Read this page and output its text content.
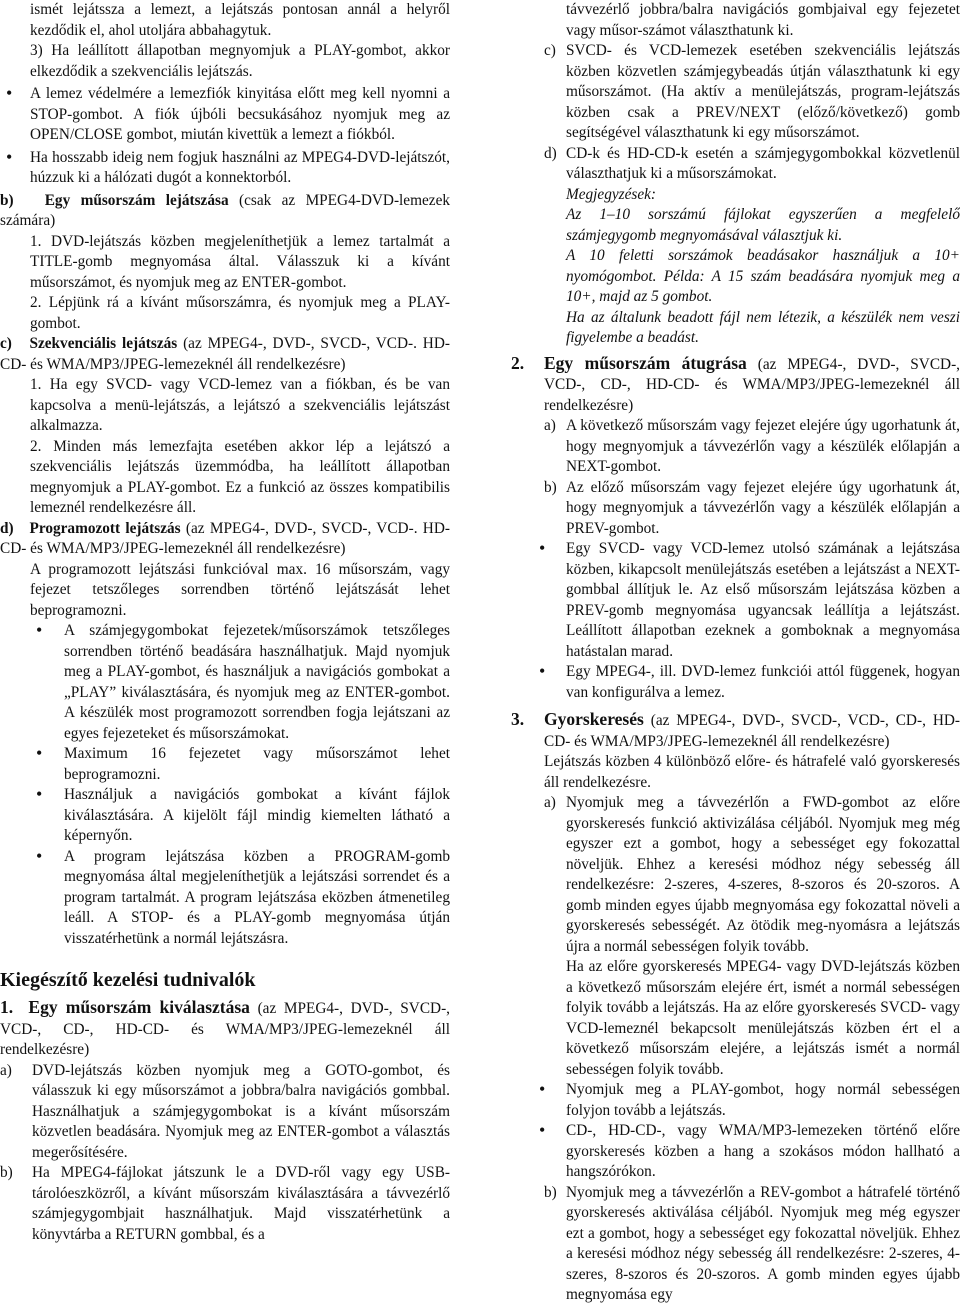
ismét lejátssza a lemezt, a lejátszás pontosan annál a helyről kezdődik el, ahol utoljára abbahagytuk.

3) Ha leállított állapotban megnyomjuk a PLAY-gombot, akkor elkezdődik a szekvenciális lejátszás.

• A lemez védelmére a lemezfiók kinyitása előtt meg kell nyomni a STOP-gombot. A fiók újbóli becsukásához nyomjuk meg az OPEN/CLOSE gombot, miután kivettük a lemezt a fiókból.

• Ha hosszabb ideig nem fogjuk használni az MPEG4-DVD-lejátszót, húzzuk ki a hálózati dugót a konnektorból.

b) Egy műsorszám lejátszása (csak az MPEG4-DVD-lemezek számára)

1. DVD-lejátszás közben megjeleníthetjük a lemez tartalmát a TITLE-gomb megnyomása által. Válasszuk ki a kívánt műsorszámot, és nyomjuk meg az ENTER-gombot.

2. Lépjünk rá a kívánt műsorszámra, és nyomjuk meg a PLAY-gombot.

c) Szekvenciális lejátszás (az MPEG4-, DVD-, SVCD-, VCD-. HD-CD- és WMA/MP3/JPEG-lemezeknél áll rendelkezésre)

1. Ha egy SVCD- vagy VCD-lemez van a fiókban, és be van kapcsolva a menü-lejátszás, a lejátszó a szekvenciális lejátszást alkalmazza.

2. Minden más lemezfajta esetében akkor lép a lejátszó a szekvenciális lejátszás üzemmódba, ha leállított állapotban megnyomjuk a PLAY-gombot. Ez a funkció az összes kompatibilis lemeznél rendelkezésre áll.

d) Programozott lejátszás (az MPEG4-, DVD-, SVCD-, VCD-. HD-CD- és WMA/MP3/JPEG-lemezeknél áll rendelkezésre)

A programozott lejátszási funkcióval max. 16 műsorszám, vagy fejezet tetszőleges sorrendben történő lejátszását lehet beprogramozni.

• A számjegygombokat fejezetek/műsorszámok tetszőleges sorrendben történő beadására használhatjuk. Majd nyomjuk meg a PLAY-gombot, és használjuk a navigációs gombokat a „PLAY” kiválasztására, és nyomjuk meg az ENTER-gombot. A készülék most programozott sorrendben fogja lejátszani az egyes fejezeteket és műsorszámokat.

• Maximum 16 fejezetet vagy műsorszámot lehet beprogramozni.

• Használjuk a navigációs gombokat a kívánt fájlok kiválasztására. A kijelölt fájl mindig kiemelten látható a képernyőn.

• A program lejátszása közben a PROGRAM-gomb megnyomása által megjeleníthetjük a lejátszási sorrendet és a program tartalmát. A program lejátszása eközben átmenetileg leáll. A STOP- és a PLAY-gomb megnyomása útján visszatérhetünk a normál lejátszásra.

Kiegészítő kezelési tudnivalók

1. Egy műsorszám kiválasztása (az MPEG4-, DVD-, SVCD-, VCD-, CD-, HD-CD- és WMA/MP3/JPEG-lemezeknél áll rendelkezésre)

a) DVD-lejátszás közben nyomjuk meg a GOTO-gombot, és válasszuk ki egy műsorszámot a jobbra/balra navigációs gombbal. Használhatjuk a számjegygombokat is a kívánt műsorszám közvetlen beadására. Nyomjuk meg az ENTER-gombot a választás megerősítésére.

b) Ha MPEG4-fájlokat játszunk le a DVD-ről vagy egy USB-tárolóeszközről, a kívánt műsorszám kiválasztására a távvezérlő számjegygombjait használhatjuk. Majd visszatérhetünk a könyvtárba a RETURN gombbal, és a

távvezérlő jobbra/balra navigációs gombjaival egy fejezetet vagy műsor-számot választhatunk ki.

c) SVCD- és VCD-lemezek esetében szekvenciális lejátszás közben közvetlen számjegybeadás útján választhatunk ki egy műsorszámot. (Ha aktív a menülejátszás, program-lejátszás közben csak a PREV/NEXT (előző/következő) gomb segítségével választhatunk ki egy műsorszámot.

d) CD-k és HD-CD-k esetén a számjegygombokkal közvetlenül választhatjuk ki a műsorszámokat.

Megjegyzések:

Az 1–10 sorszámú fájlokat egyszerűen a megfelelő számjegygomb megnyomásával választjuk ki.

A 10 feletti sorszámok beadásakor használjuk a 10+ nyomógombot. Példa: A 15 szám beadására nyomjuk meg a 10+, majd az 5 gombot.

Ha az általunk beadott fájl nem létezik, a készülék nem veszi figyelembe a beadást.

2. Egy műsorszám átugrása (az MPEG4-, DVD-, SVCD-, VCD-, CD-, HD-CD- és WMA/MP3/JPEG-lemezeknél áll rendelkezésre)

a) A következő műsorszám vagy fejezet elejére úgy ugorhatunk át, hogy megnyomjuk a távvezérlőn vagy a készülék előlapján a NEXT-gombot.

b) Az előző műsorszám vagy fejezet elejére úgy ugorhatunk át, hogy megnyomjuk a távvezérlőn vagy a készülék előlapján a PREV-gombot.

• Egy SVCD- vagy VCD-lemez utolsó számának a lejátszása közben, kikapcsolt menülejátszás esetében a lejátszást a NEXT-gombbal állítjuk le. Az első műsorszám lejátszása közben a PREV-gomb megnyomása ugyancsak leállítja a lejátszást. Leállított állapotban ezeknek a gomboknak a megnyomása hatástalan marad.

• Egy MPEG4-, ill. DVD-lemez funkciói attól függenek, hogyan van konfigurálva a lemez.

3. Gyorskeresés (az MPEG4-, DVD-, SVCD-, VCD-, CD-, HD-CD- és WMA/MP3/JPEG-lemezeknél áll rendelkezésre)

Lejátszás közben 4 különböző előre- és hátrafelé való gyorskeresés áll rendelkezésre.

a) Nyomjuk meg a távvezérlőn a FWD-gombot az előre gyorskeresés funkció aktivizálása céljából. Nyomjuk meg még egyszer ezt a gombot, hogy a sebességet egy fokozattal növeljük. Ehhez a keresési módhoz négy sebesség áll rendelkezésre: 2-szeres, 4-szeres, 8-szoros és 20-szoros. A gomb minden egyes újabb megnyomása egy fokozattal növeli a gyorskeresés sebességét. Az ötödik meg-nyomásra a lejátszás újra a normál sebességen folyik tovább.

Ha az előre gyorskeresés MPEG4- vagy DVD-lejátszás közben a következő műsorszám elejére ért, ismét a normál sebességen folyik tovább a lejátszás. Ha az előre gyorskeresés SVCD- vagy VCD-lemeznél bekapcsolt menülejátszás közben ért el a következő műsorszám elejére, a lejátszás ismét a normál sebességen folyik tovább.

• Nyomjuk meg a PLAY-gombot, hogy normál sebességen folyjon tovább a lejátszás.

• CD-, HD-CD-, vagy WMA/MP3-lemezeken történő előre gyorskeresés közben a hang a szokásos módon hallható a hangszórókon.

b) Nyomjuk meg a távvezérlőn a REV-gombot a hátrafelé történő gyorskeresés aktiválása céljából. Nyomjuk meg még egyszer ezt a gombot, hogy a sebességet egy fokozattal növeljük. Ehhez a keresési módhoz négy sebesség áll rendelkezésre: 2-szeres, 4-szeres, 8-szoros és 20-szoros. A gomb minden egyes újabb megnyomása egy
